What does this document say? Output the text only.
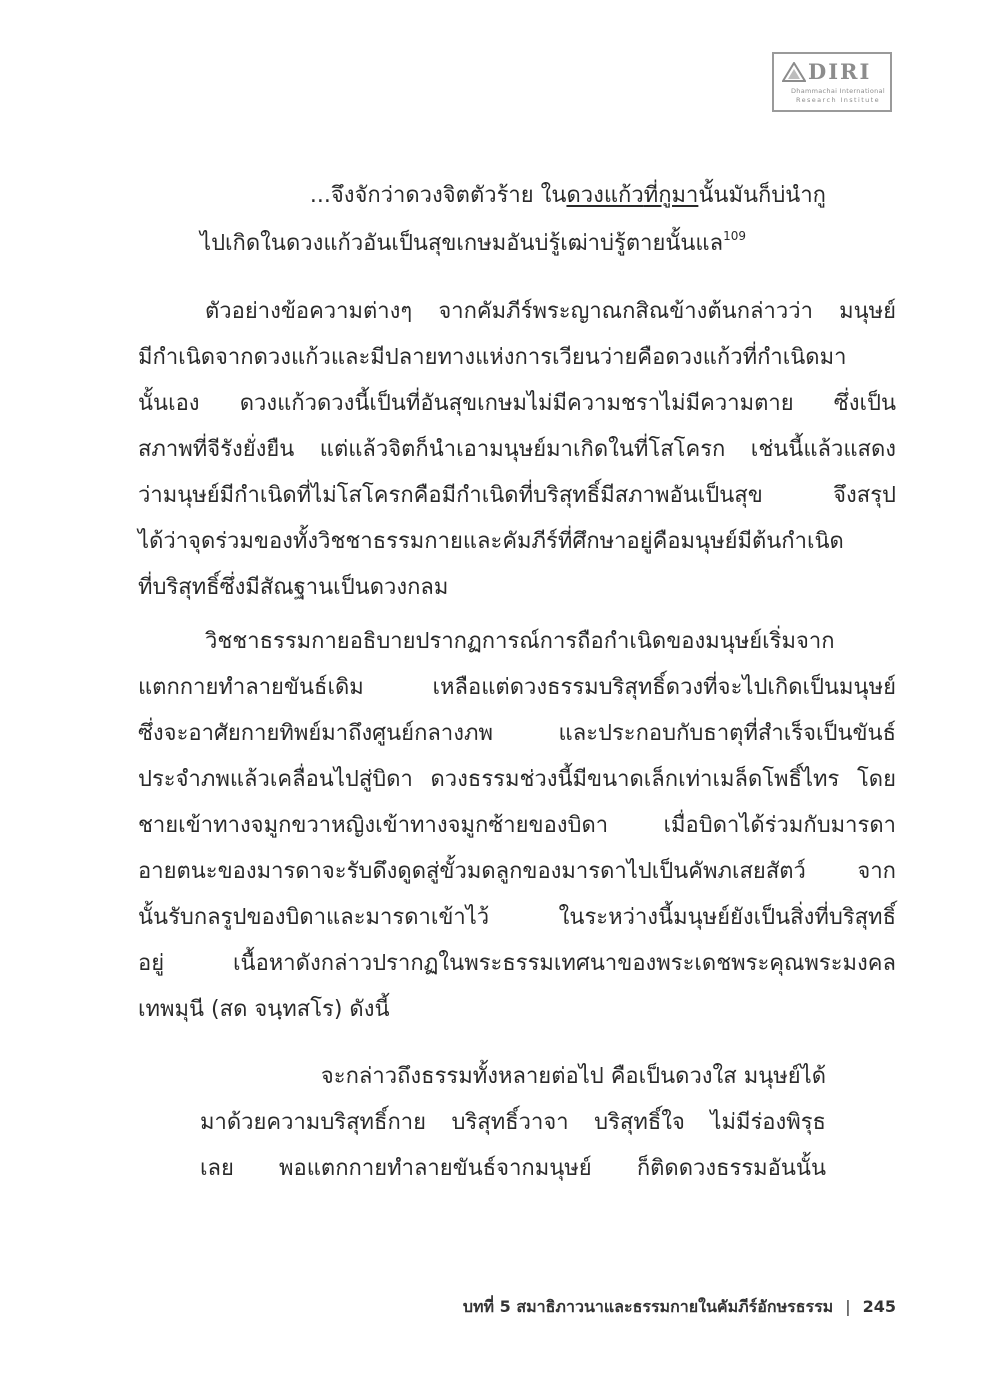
DIRI
Dhammachai International
Research Institute
...จึงจักว่าดวงจิตตัวร้าย ในดวงแก้วที่กูมานั้นมันก็บ่นำกู
ไปเกิดในดวงแก้วอันเป็นสุขเกษมอันบ่รู้เฒ่าบ่รู้ตายนั้นแล$^{109}$
ตัวอย่างข้อความต่างๆ จากคัมภีร์พระญาณกสิณข้างต้นกล่าวว่า มนุษย์
มีกำเนิดจากดวงแก้วและมีปลายทางแห่งการเวียนว่ายคือดวงแก้วที่กำเนิดมา
นั้นเอง ดวงแก้วดวงนี้เป็นที่อันสุขเกษมไม่มีความชราไม่มีความตาย ซึ่งเป็น
สภาพที่จีรังยั่งยืน แต่แล้วจิตก็นำเอามนุษย์มาเกิดในที่โสโครก เช่นนี้แล้วแสดง
ว่ามนุษย์มีกำเนิดที่ไม่โสโครกคือมีกำเนิดที่บริสุทธิ์มีสภาพอันเป็นสุข จึงสรุป
ได้ว่าจุดร่วมของทั้งวิชชาธรรมกายและคัมภีร์ที่ศึกษาอยู่คือมนุษย์มีต้นกำเนิด
ที่บริสุทธิ์ซึ่งมีสัณฐานเป็นดวงกลม
วิชชาธรรมกายอธิบายปรากฏการณ์การถือกำเนิดของมนุษย์เริ่มจาก
แตกกายทำลายขันธ์เดิม เหลือแต่ดวงธรรมบริสุทธิ์ดวงที่จะไปเกิดเป็นมนุษย์
ซึ่งจะอาศัยกายทิพย์มาถึงศูนย์กลางภพ และประกอบกับธาตุที่สำเร็จเป็นขันธ์
ประจำภพแล้วเคลื่อนไปสู่บิดา ดวงธรรมช่วงนี้มีขนาดเล็กเท่าเมล็ดโพธิ์ไทร โดย
ชายเข้าทางจมูกขวาหญิงเข้าทางจมูกซ้ายของบิดา เมื่อบิดาได้ร่วมกับมารดา
อายตนะของมารดาจะรับดึงดูดสู่ขั้วมดลูกของมารดาไปเป็นคัพภเสยสัตว์ จาก
นั้นรับกลรูปของบิดาและมารดาเข้าไว้ ในระหว่างนี้มนุษย์ยังเป็นสิ่งที่บริสุทธิ์
อยู่ เนื้อหาดังกล่าวปรากฏในพระธรรมเทศนาของพระเดชพระคุณพระมงคล
เทพมุนี (สด จนฺทสโร) ดังนี้
จะกล่าวถึงธรรมทั้งหลายต่อไป คือเป็นดวงใส มนุษย์ได้
มาด้วยความบริสุทธิ์กาย บริสุทธิ์วาจา บริสุทธิ์ใจ ไม่มีร่องพิรุธ
เลย พอแตกกายทำลายขันธ์จากมนุษย์ ก็ติดดวงธรรมอันนั้น
บทที่ 5 สมาธิภาวนาและธรรมกายในคัมภีร์อักษรธรรม | 245
